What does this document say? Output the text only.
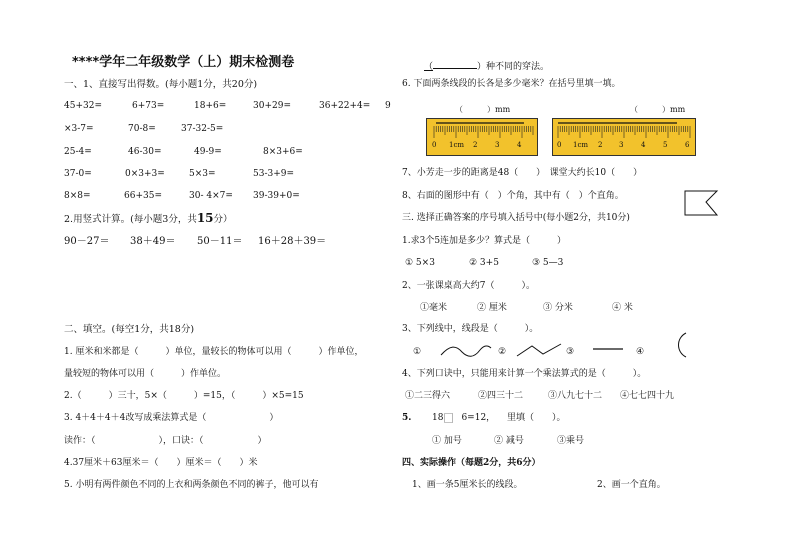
****学年二年级数学（上）期末检测卷
一、1、直接写出得数。(每小题1分，共20分)
45+32=	6+73=	18+6=	30+29=	36+22+4= 9
×3-7=	70-8=	37-32-5=
25-4=	46-30=	49-9=	8×3+6=
37-0=	0×3+3=	5×3=	53-3+9=
8×8=	66+35=	30- 4×7= 39-39+0=
2.用竖式计算。(每小题3分，共15分）
90－27＝ 38＋49＝ 50－11＝ 16＋28＋39＝
二、填空。(每空1分，共18分)
1. 厘米和米都是（　　　）单位，量较长的物体可以用（　　　）作单位，
量较短的物体可以用（　　　）作单位。
2.（　　　）三十，5×（　　　）=15，（　　　）×5=15
3. 4＋4＋4＋4改写成乘法算式是（　　　　　　　）
读作：（　　　　　　　），口诀：（　　　　　　）
4.37厘米＋63厘米＝（　　）厘米＝（　　）米
5. 小明有两件颜色不同的上衣和两条颜色不同的裤子，他可以有
（	）种不同的穿法。
6. 下面两条线段的长各是多少毫米？在括号里填一填。
（　　　）mm	（　　　）mm
0 1cm 2	3	4	0 1cm 2 3	4	5	6
7、小芳走一步的距离是48（　　）　课堂大约长10（　　）
8、右面的图形中有（　）个角，其中有（　）个直角。
三. 选择正确答案的序号填入括号中(每小题2分，共10分)
1.求3个5连加是多少？算式是（　　　）
① 5×3	② 3+5	③ 5—3
2、一张课桌高大约7（　　　）。
①毫米	② 厘米	③ 分米	④ 米
3、下列线中，线段是（　　　）。
①	②	③	④
4、下列口诀中，只能用来计算一个乘法算式的是（　　　）。
①二三得六	②四三十二	③八九七十二 ④七七四十九
5. 18　　6=12， 里填（　　）。
① 加号	② 减号	③乘号
四、实际操作（每题2分，共6分）
1、画一条5厘米长的线段。	2、画一个直角。
